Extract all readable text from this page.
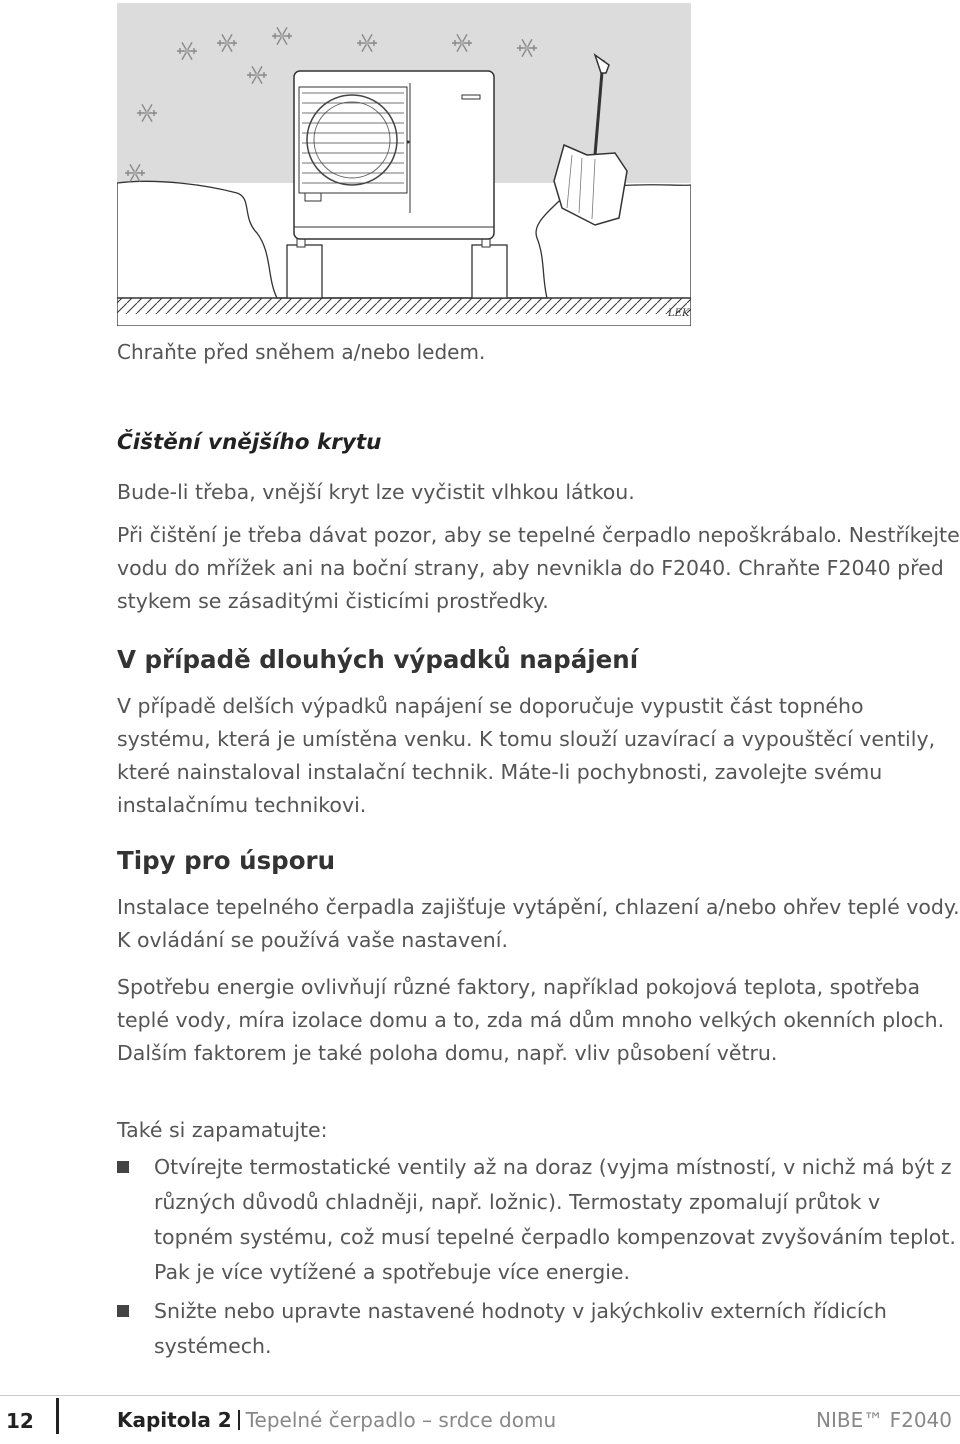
LEK
Chraňte před sněhem a/nebo ledem.
Čištění vnějšího krytu

Bude-li třeba, vnější kryt lze vyčistit vlhkou látkou.

Při čištění je třeba dávat pozor, aby se tepelné čerpadlo nepoškrábalo. Nestříkejte vodu do mřížek ani na boční strany, aby nevnikla do F2040. Chraňte F2040 před stykem se zásaditými čisticími prostředky.

V případě dlouhých výpadků napájení

V případě delších výpadků napájení se doporučuje vypustit část topného systému, která je umístěna venku. K tomu slouží uzavírací a vypouštěcí ventily, které nainstaloval instalační technik. Máte-li pochybnosti, zavolejte svému instalačnímu technikovi.

Tipy pro úsporu

Instalace tepelného čerpadla zajišťuje vytápění, chlazení a/nebo ohřev teplé vody. K ovládání se používá vaše nastavení.

Spotřebu energie ovlivňují různé faktory, například pokojová teplota, spotřeba teplé vody, míra izolace domu a to, zda má dům mnoho velkých okenních ploch. Dalším faktorem je také poloha domu, např. vliv působení větru.

Také si zapamatujte:

Otvírejte termostatické ventily až na doraz (vyjma místností, v nichž má být z různých důvodů chladněji, např. ložnic). Termostaty zpomalují průtok v topném systému, což musí tepelné čerpadlo kompenzovat zvyšováním teplot. Pak je více vytížené a spotřebuje více energie.
Snižte nebo upravte nastavené hodnoty v jakýchkoliv externích řídicích systémech.
12	Kapitola 2 Tepelné čerpadlo – srdce domu	NIBE™ F2040
